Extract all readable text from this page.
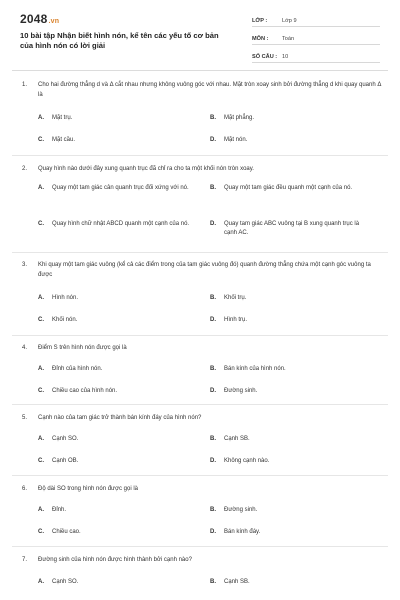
2048.vn
10 bài tập Nhận biết hình nón, kể tên các yếu tố cơ bản của hình nón có lời giải
LỚP :	Lớp 9
MÔN :	Toán
SỐ CÂU : 10
1.	Cho hai đường thẳng d và Δ cắt nhau nhưng không vuông góc với nhau. Mặt tròn xoay sinh bởi đường thẳng d khi quay quanh Δ là
A.	Mặt trụ.	B.	Mặt phẳng.
C.	Mặt cầu.	D.	Mặt nón.
2.	Quay hình nào dưới đây xung quanh trục đã chỉ ra cho ta một khối nón tròn xoay.
A.	Quay một tam giác cân quanh trục đối xứng với nó.	B.	Quay một tam giác đều quanh một cạnh của nó.
C.	Quay hình chữ nhật ABCD quanh một cạnh của nó.	D.	Quay tam giác ABC vuông tại B xung quanh trục là cạnh AC.
3.	Khi quay một tam giác vuông (kể cả các điểm trong của tam giác vuông đó) quanh đường thẳng chứa một cạnh góc vuông ta được
A.	Hình nón.	B.	Khối trụ.
C.	Khối nón.	D.	Hình trụ.
4.	Điểm S trên hình nón được gọi là
A.	Đỉnh của hình nón.	B.	Bán kính của hình nón.
C.	Chiều cao của hình nón.	D.	Đường sinh.
5.	Cạnh nào của tam giác trở thành bán kính đáy của hình nón?
A.	Cạnh SO.	B.	Cạnh SB.
C.	Cạnh OB.	D.	Không cạnh nào.
6.	Độ dài SO trong hình nón được gọi là
A.	Đỉnh.	B.	Đường sinh.
C.	Chiều cao.	D.	Bán kính đáy.
7.	Đường sinh của hình nón được hình thành bởi cạnh nào?
A.	Cạnh SO.	B.	Cạnh SB.
